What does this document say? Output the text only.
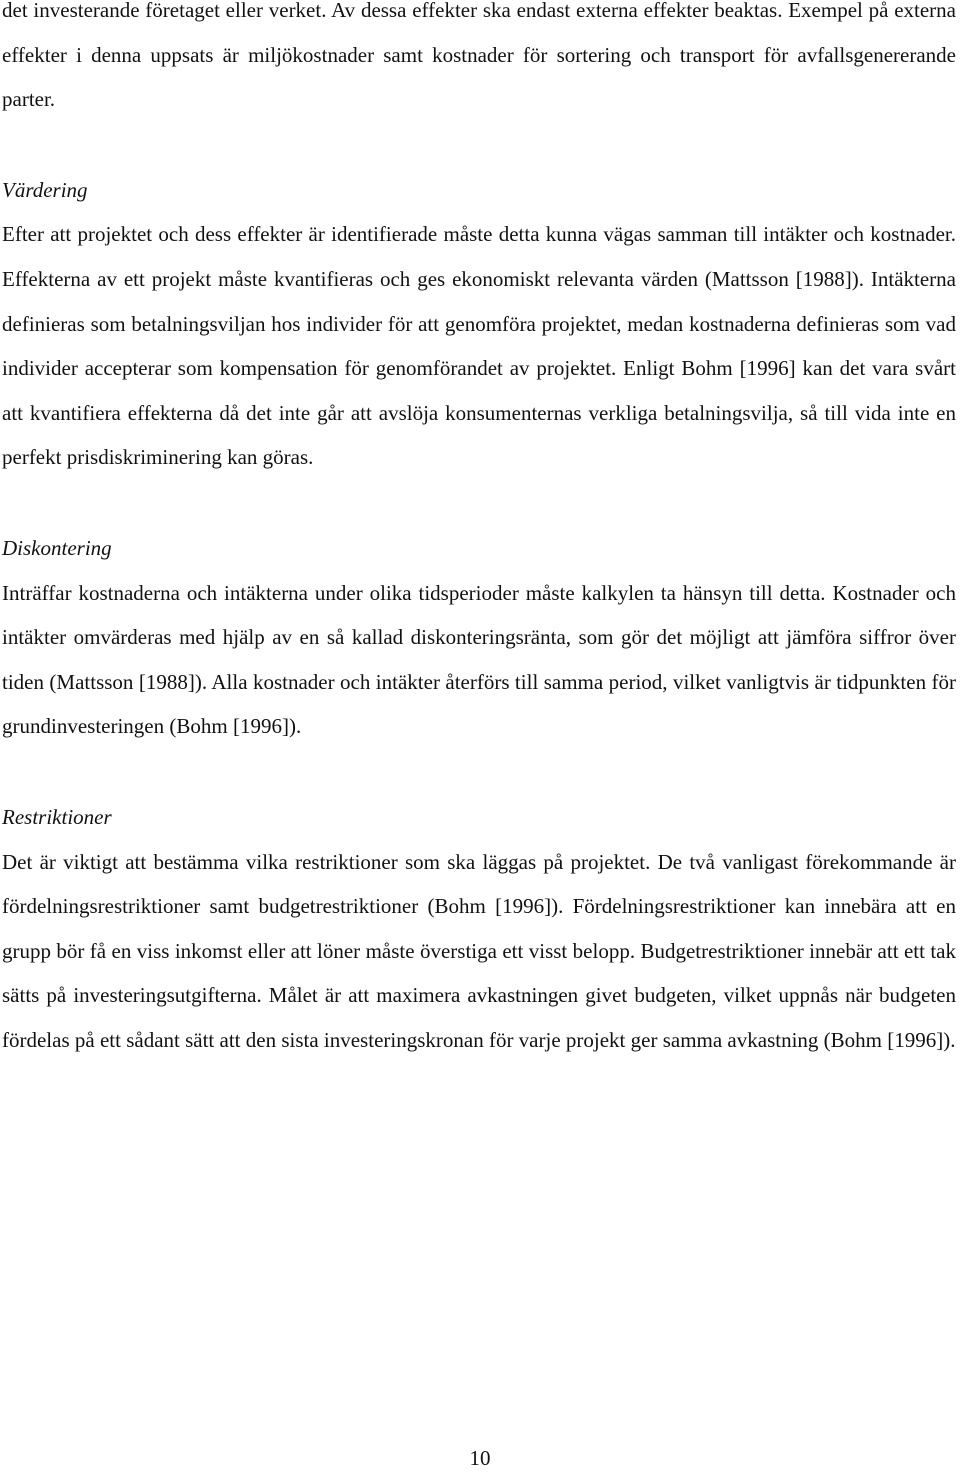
det investerande företaget eller verket. Av dessa effekter ska endast externa effekter beaktas. Exempel på externa effekter i denna uppsats är miljökostnader samt kostnader för sortering och transport för avfallsgenererande parter.

Värdering

Efter att projektet och dess effekter är identifierade måste detta kunna vägas samman till intäkter och kostnader. Effekterna av ett projekt måste kvantifieras och ges ekonomiskt relevanta värden (Mattsson [1988]). Intäkterna definieras som betalningsviljan hos individer för att genomföra projektet, medan kostnaderna definieras som vad individer accepterar som kompensation för genomförandet av projektet. Enligt Bohm [1996] kan det vara svårt att kvantifiera effekterna då det inte går att avslöja konsumenternas verkliga betalningsvilja, så till vida inte en perfekt prisdiskriminering kan göras.

Diskontering

Inträffar kostnaderna och intäkterna under olika tidsperioder måste kalkylen ta hänsyn till detta. Kostnader och intäkter omvärderas med hjälp av en så kallad diskonteringsränta, som gör det möjligt att jämföra siffror över tiden (Mattsson [1988]). Alla kostnader och intäkter återförs till samma period, vilket vanligtvis är tidpunkten för grundinvesteringen (Bohm [1996]).

Restriktioner

Det är viktigt att bestämma vilka restriktioner som ska läggas på projektet. De två vanligast förekommande är fördelningsrestriktioner samt budgetrestriktioner (Bohm [1996]). Fördelningsrestriktioner kan innebära att en grupp bör få en viss inkomst eller att löner måste överstiga ett visst belopp. Budgetrestriktioner innebär att ett tak sätts på investeringsutgifterna. Målet är att maximera avkastningen givet budgeten, vilket uppnås när budgeten fördelas på ett sådant sätt att den sista investeringskronan för varje projekt ger samma avkastning (Bohm [1996]).

10
